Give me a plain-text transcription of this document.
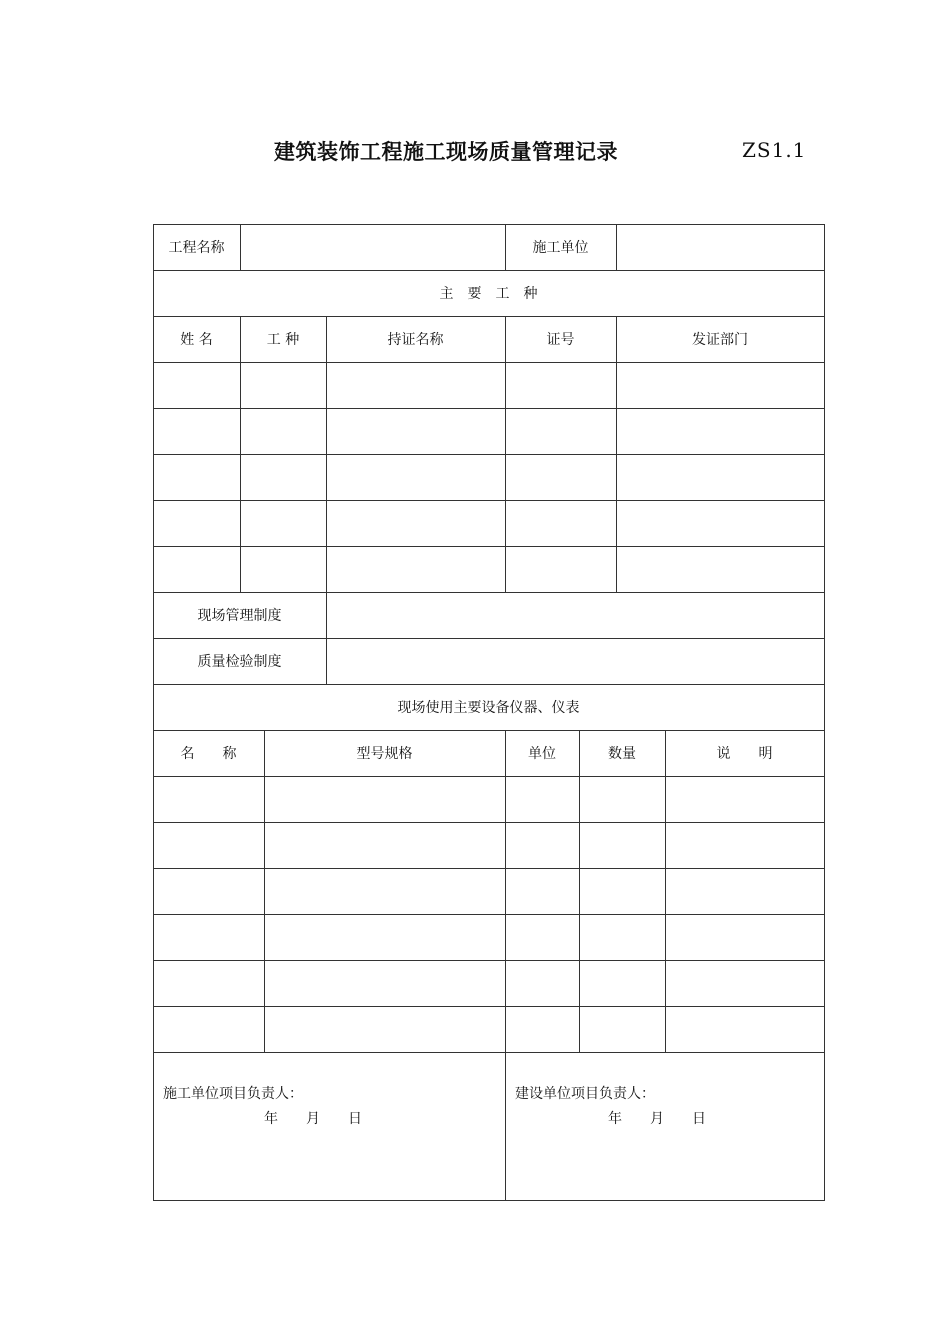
建筑装饰工程施工现场质量管理记录	ZS1.1
工程名称	施工单位
主　要　工　种
姓 名	工 种	持证名称	证号	发证部门
现场管理制度
质量检验制度
现场使用主要设备仪器、仪表
名　　称	型号规格	单位	数量	说　　明
施工单位项目负责人：
年　　月　　日
建设单位项目负责人：
年　　月　　日
